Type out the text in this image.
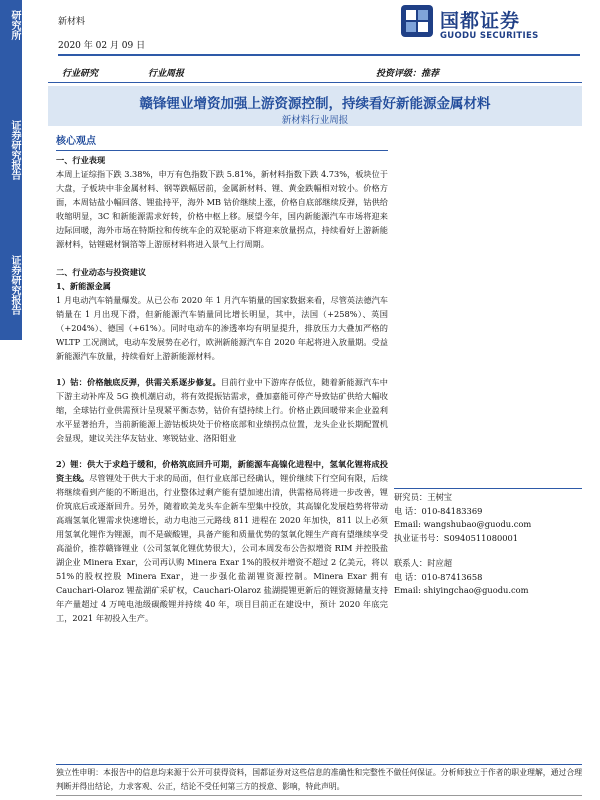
研究所
证券研究报告
证券研究报告
新材料
2020 年 02 月 09 日
国都证券
GUODU SECURITIES
行业研究	行业周报	投资评级：推荐
赣锋锂业增资加强上游资源控制，持续看好新能源金属材料
新材料行业周报
核心观点
一、行业表现

本周上证综指下跌 3.38%，申万有色指数下跌 5.81%，新材料指数下跌 4.73%，板块位于大盘，子板块中非金属材料、钢等跌幅居前，金属新材料、锂、黄金跌幅相对较小。价格方面，本周钴盐小幅回落、锂盐持平，海外 MB 钴价继续上涨，价格自底部继续反弹，钴供给收缩明显，3C 和新能源需求好转，价格中枢上移。展望今年，国内新能源汽车市场将迎来边际回暖，海外市场在特斯拉和传统车企的双轮驱动下将迎来放量拐点，持续看好上游新能源材料，钴锂磁材铜箔等上游原材料将进入景气上行周期。

二、行业动态与投资建议
1、新能源金属

1 月电动汽车销量爆发。从已公布 2020 年 1 月汽车销量的国家数据来看，尽管英法德汽车销量在 1 月出现下滑，但新能源汽车销量同比增长明显，其中，法国（+258%）、英国（+204%）、德国（+61%）。同时电动车的渗透率均有明显提升，排放压力大叠加严格的 WLTP 工况测试，电动车发展势在必行，欧洲新能源汽车自 2020 年起将进入放量期。受益新能源汽车放量，持续看好上游新能源材料。

1）钴：价格触底反弹，供需关系逐步修复。目前行业中下游库存低位，随着新能源汽车中下游主动补库及 5G 换机潮启动，将有效提振钴需求，叠加嘉能可停产导致钴矿供给大幅收缩，全球钴行业供需预计呈现紧平衡态势，钴价有望持续上行。价格止跌回暖带来企业盈利水平显著抬升，当前新能源上游钴板块处于价格底部和业绩拐点位置，龙头企业长期配置机会显现，建议关注华友钴业、寒锐钴业、洛阳钼业

2）锂：供大于求趋于缓和，价格筑底回升可期，新能源车高镍化进程中，氢氧化锂将成投资主线。尽管锂处于供大于求的局面，但行业底部已经确认，锂价继续下行空间有限，后续将继续看到产能的不断退出，行业整体过剩产能有望加速出清，供需格局将进一步改善，锂价筑底后或逐渐回升。另外，随着欧美龙头车企新车型集中投放，其高镍化发展趋势将带动高端氢氧化锂需求快速增长，动力电池三元路线 811 进程在 2020 年加快，811 以上必须用氢氧化锂作为锂源，而不是碳酸锂，具备产能和质量优势的氢氧化锂生产商有望继续享受高溢价，推荐赣锋锂业（公司氢氧化锂优势很大），公司本周发布公告拟增资 RIM 并控股盐湖企业 Minera Exar，公司再认购 Minera Exar 1%的股权并增资不超过 2 亿美元，将以 51%的股权控股 Minera Exar，进一步强化盐湖锂资源控制。Minera Exar 拥有 Cauchari-Olaroz 锂盐湖矿采矿权，Cauchari-Olaroz 盐湖提锂更新后的锂资源储量支持年产量超过 4 万吨电池级碳酸锂并持续 40 年，项目目前正在建设中，预计 2020 年底完工，2021 年初投入生产。

研究员：王树宝
电 话：010-84183369
Email: wangshubao@guodu.com
执业证书号：S0940511080001
联系人：时应超
电 话：010-87413658
Email: shiyingchao@guodu.com
独立性申明：本报告中的信息均来源于公开可获得资料，国都证券对这些信息的准确性和完整性不做任何保证。分析师独立于作者的职业理解，通过合理判断并得出结论，力求客观、公正，结论不受任何第三方的授意、影响，特此声明。
